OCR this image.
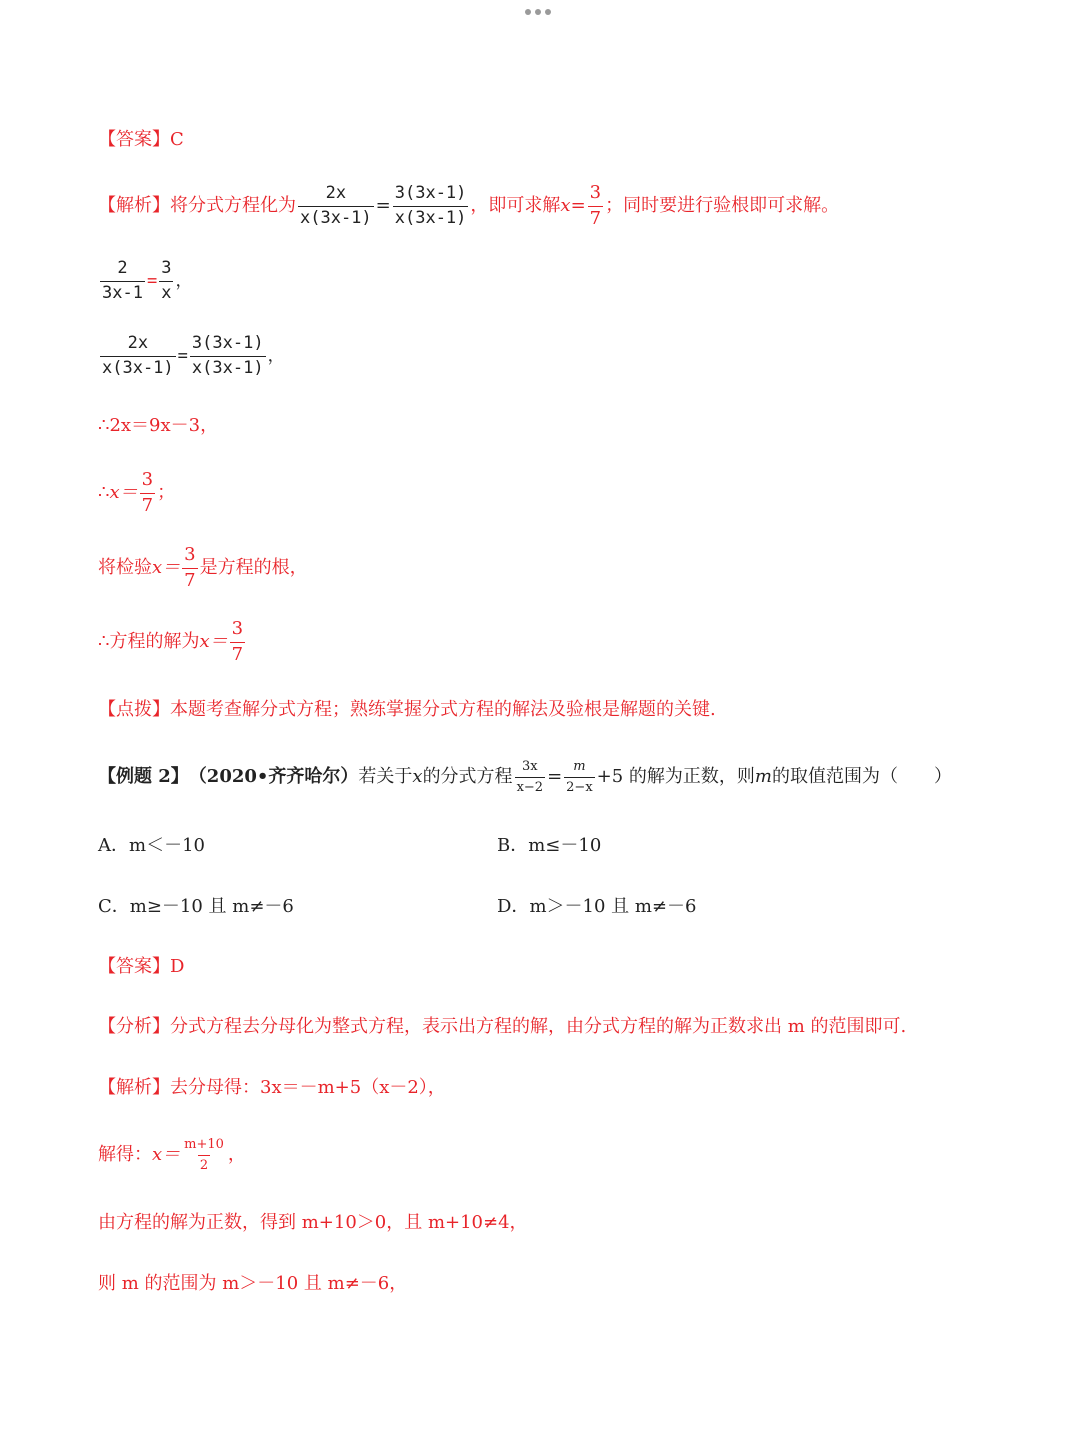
【答案】 C
【解析】 将分式方程化为 $\frac{2x}{x(3x-1)} = \frac{3(3x-1)}{x(3x-1)}$ ，即可求解 $x = \frac{3}{7}$ ；同时要进行验根即可求解。
$\frac{2}{3x-1} = \frac{3}{x}$ ，
$\frac{2x}{x(3x-1)} = \frac{3(3x-1)}{x(3x-1)}$ ，
∴ 2x＝9x－3，
∴ $x= \frac{3}{7}$ ；
将检验 $x= \frac{3}{7}$ 是方程的根，
∴ 方程的解为 $x= \frac{3}{7}$
【点拨】 本题考查解分式方程；熟练掌握分式方程的解法及验根是解题的关键.
【例题 2】 （2020•齐齐哈尔） 若关于 x 的分式方程 $\frac{3x}{x-2} = \frac{m}{2-x} +5$ 的解为正数，则 m 的取值范围为（　　）
A． m＜－10	B． m≤－10
C． m≥－10 且 m≠－6	D． m＞－10 且 m≠－6
【答案】 D
【分析】 分式方程去分母化为整式方程，表示出方程的解，由分式方程的解为正数求出 m 的范围即可.
【解析】 去分母得：3x＝－m+5（x－2），
解得： $x= \frac{m+10}{2}$ ，
由方程的解为正数，得到 m+10＞0，且 m+10≠4，
则 m 的范围为 m＞－10 且 m≠－6，
